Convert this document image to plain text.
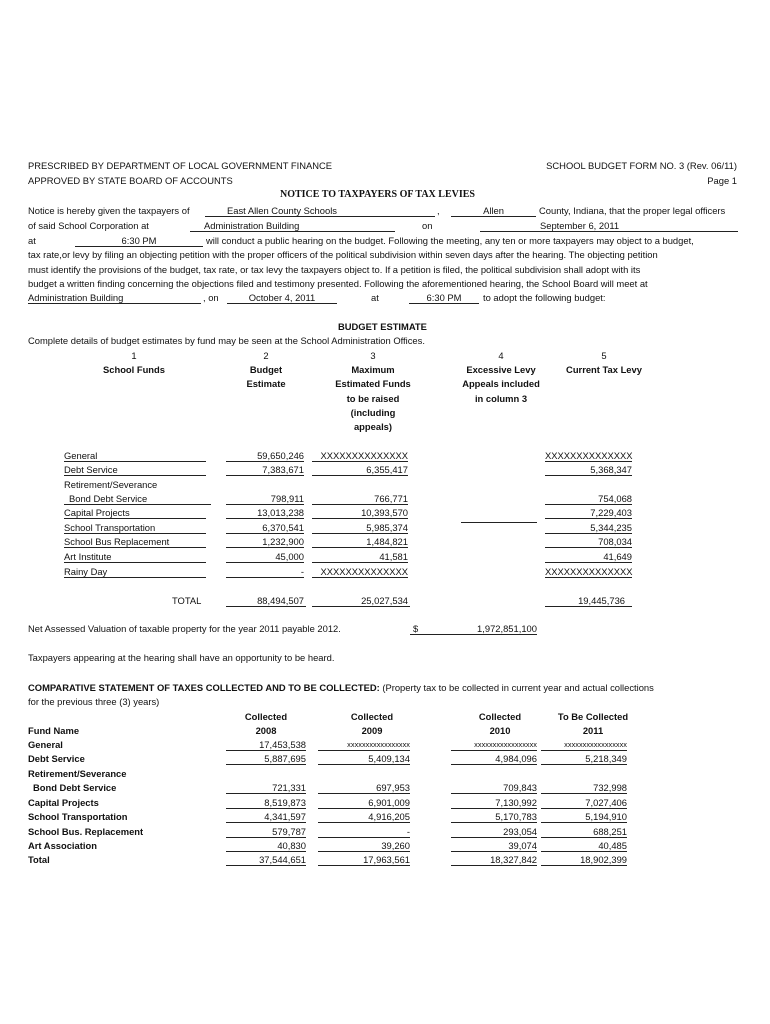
PRESCRIBED BY DEPARTMENT OF LOCAL GOVERNMENT FINANCE
APPROVED BY STATE BOARD OF ACCOUNTS
SCHOOL BUDGET FORM NO. 3 (Rev. 06/11)
Page 1
NOTICE TO TAXPAYERS OF TAX LEVIES
Notice is hereby given the taxpayers of	East Allen County Schools	,	Allen	County, Indiana, that the proper legal officers
of said School Corporation at	Administration Building	on	September 6, 2011
at	6:30 PM	will conduct a public hearing on the budget. Following the meeting, any ten or more taxpayers may object to a budget,
tax rate,or levy by filing an objecting petition with the proper officers of the political subdivision within seven days after the hearing. The objecting petition
must identify the provisions of the budget, tax rate, or tax levy the taxpayers object to. If a petition is filed, the political subdivision shall adopt with its
budget a written finding concerning the objections filed and testimony presented. Following the aforementioned hearing, the School Board will meet at
Administration Building	, on	October 4, 2011	at	6:30 PM	to adopt the following budget:
BUDGET ESTIMATE
Complete details of budget estimates by fund may be seen at the School Administration Offices.
1	2	3	4	5
School Funds	Budget
Estimate
Maximum
Estimated Funds
to be raised
(including
appeals)
Excessive Levy
Appeals included
in column 3
Current Tax Levy
General	59,650,246	XXXXXXXXXXXXXX	XXXXXXXXXXXXXX
Debt Service	7,383,671	6,355,417	5,368,347
Retirement/Severance
Bond Debt Service	798,911	766,771	754,068
Capital Projects	13,013,238	10,393,570	7,229,403
School Transportation	6,370,541	5,985,374	5,344,235
School Bus Replacement	1,232,900	1,484,821	708,034
Art Institute	45,000	41,581	41,649
Rainy Day	-	XXXXXXXXXXXXXX	XXXXXXXXXXXXXX
TOTAL	88,494,507	25,027,534	19,445,736
Net Assessed Valuation of taxable property for the year 2011 payable 2012.	$	1,972,851,100
Taxpayers appearing at the hearing shall have an opportunity to be heard.
COMPARATIVE STATEMENT OF TAXES COLLECTED AND TO BE COLLECTED: (Property tax to be collected in current year and actual collections
for the previous three (3) years)
Collected
2008
Collected
2009
Collected
2010
To Be Collected
2011
Fund Name
General	17,453,538	xxxxxxxxxxxxxxxxx	xxxxxxxxxxxxxxxxx	xxxxxxxxxxxxxxxxx
Debt Service	5,887,695	5,409,134	4,984,096	5,218,349
Retirement/Severance
Bond Debt Service	721,331	697,953	709,843	732,998
Capital Projects	8,519,873	6,901,009	7,130,992	7,027,406
School Transportation	4,341,597	4,916,205	5,170,783	5,194,910
School Bus. Replacement	579,787	-	293,054	688,251
Art Association	40,830	39,260	39,074	40,485
Total	37,544,651	17,963,561	18,327,842	18,902,399
